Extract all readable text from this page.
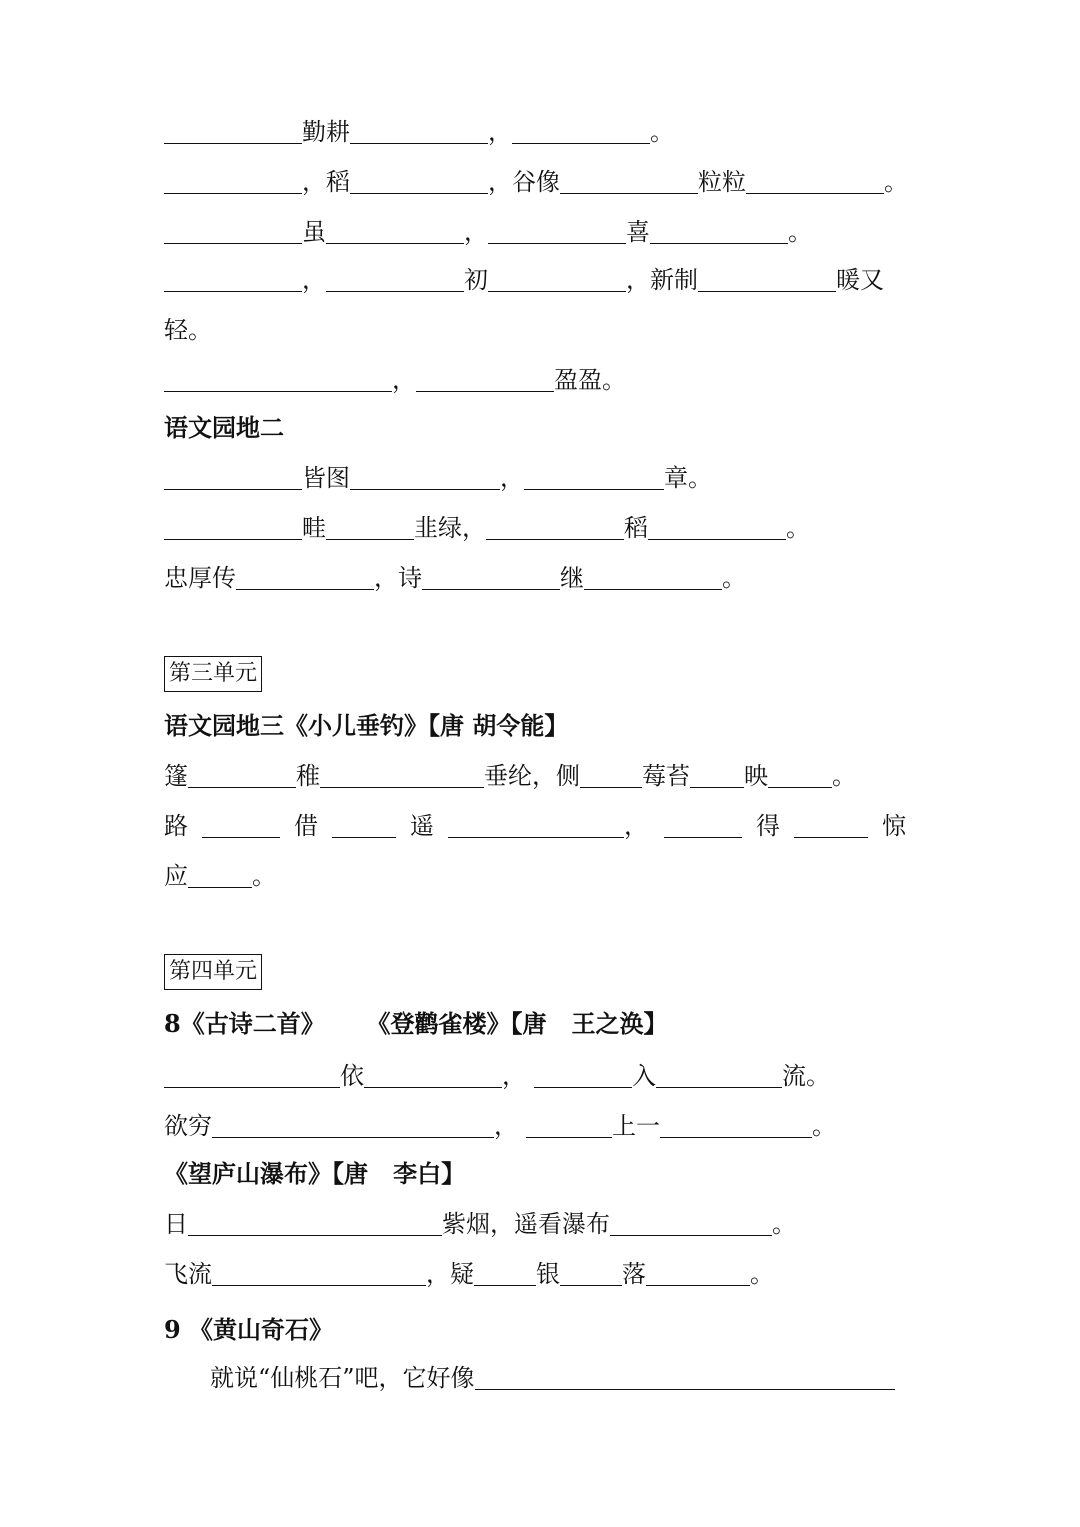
勤耕	，	。
，稻	，谷像	粒粒	。
虽	，	喜	。
，	初	，新制	暖又
轻。
，	盈盈。
语文园地二
皆图	，	章。
畦	韭绿，	稻	。
忠厚传	，诗	继	。
第三单元
语文园地三《小儿垂钓》【唐 胡令能】
篷	稚	垂纶，侧	莓苔 映	。
路	借	遥	，	得	惊
应	。
第四单元
8《古诗二首》     《登鹳雀楼》【唐   王之涣】
依	，	入	流。
欲穷	，	上一	。
《望庐山瀑布》【唐   李白】
日	紫烟，遥看瀑布	。
飞流	，疑	银	落	。
9 《黄山奇石》
就说“仙桃石”吧，它好像
